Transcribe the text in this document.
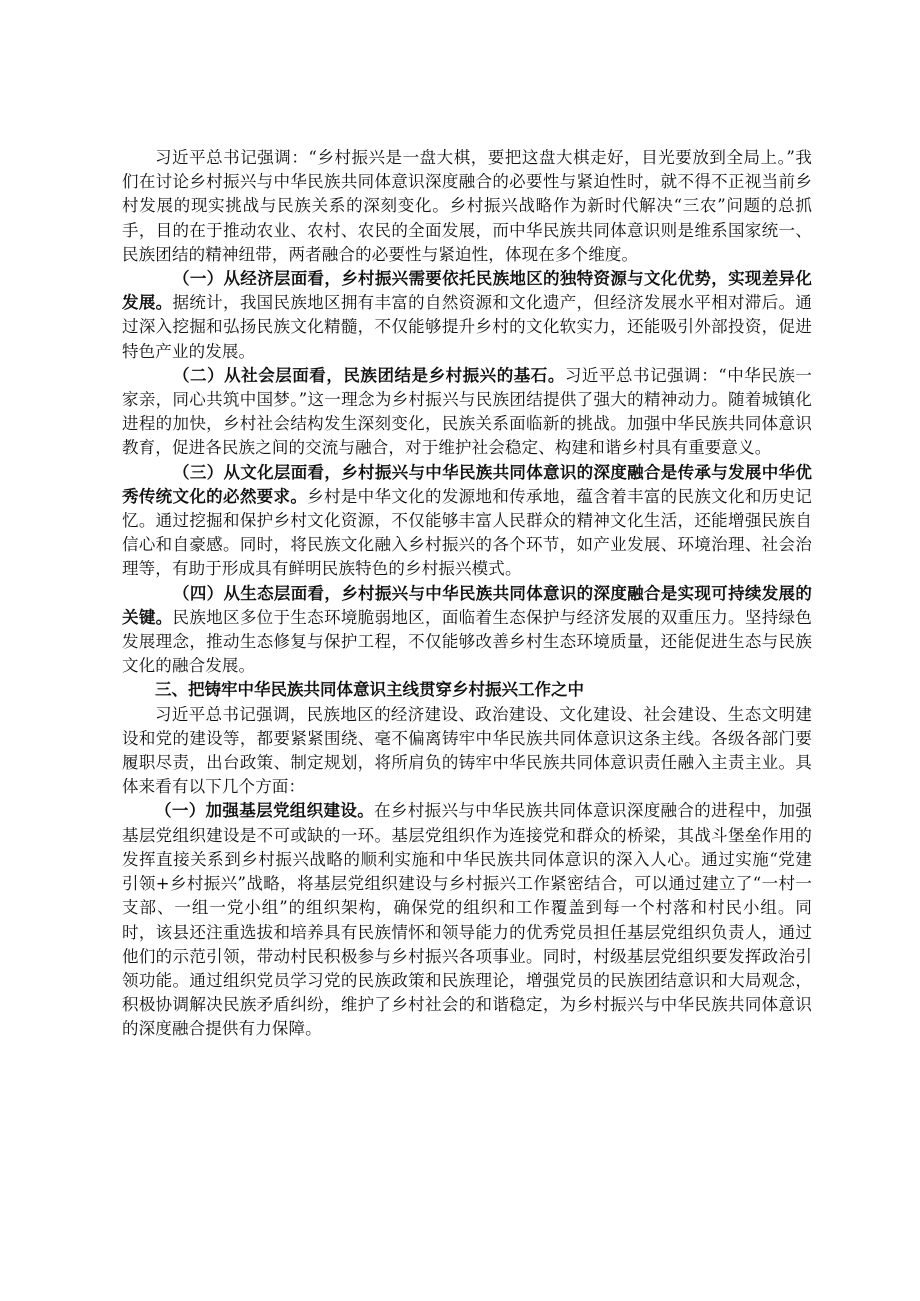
习近平总书记强调：“乡村振兴是一盘大棋，要把这盘大棋走好，目光要放到全局上。”我们在讨论乡村振兴与中华民族共同体意识深度融合的必要性与紧迫性时，就不得不正视当前乡村发展的现实挑战与民族关系的深刻变化。乡村振兴战略作为新时代解决“三农”问题的总抓手，目的在于推动农业、农村、农民的全面发展，而中华民族共同体意识则是维系国家统一、民族团结的精神纽带，两者融合的必要性与紧迫性，体现在多个维度。

（一）从经济层面看，乡村振兴需要依托民族地区的独特资源与文化优势，实现差异化发展。据统计，我国民族地区拥有丰富的自然资源和文化遗产，但经济发展水平相对滞后。通过深入挖掘和弘扬民族文化精髓，不仅能够提升乡村的文化软实力，还能吸引外部投资，促进特色产业的发展。

（二）从社会层面看，民族团结是乡村振兴的基石。习近平总书记强调：“中华民族一家亲，同心共筑中国梦。”这一理念为乡村振兴与民族团结提供了强大的精神动力。随着城镇化进程的加快，乡村社会结构发生深刻变化，民族关系面临新的挑战。加强中华民族共同体意识教育，促进各民族之间的交流与融合，对于维护社会稳定、构建和谐乡村具有重要意义。

（三）从文化层面看，乡村振兴与中华民族共同体意识的深度融合是传承与发展中华优秀传统文化的必然要求。乡村是中华文化的发源地和传承地，蕴含着丰富的民族文化和历史记忆。通过挖掘和保护乡村文化资源，不仅能够丰富人民群众的精神文化生活，还能增强民族自信心和自豪感。同时，将民族文化融入乡村振兴的各个环节，如产业发展、环境治理、社会治理等，有助于形成具有鲜明民族特色的乡村振兴模式。

（四）从生态层面看，乡村振兴与中华民族共同体意识的深度融合是实现可持续发展的关键。民族地区多位于生态环境脆弱地区，面临着生态保护与经济发展的双重压力。坚持绿色发展理念，推动生态修复与保护工程，不仅能够改善乡村生态环境质量，还能促进生态与民族文化的融合发展。

三、把铸牢中华民族共同体意识主线贯穿乡村振兴工作之中

习近平总书记强调，民族地区的经济建设、政治建设、文化建设、社会建设、生态文明建设和党的建设等，都要紧紧围绕、毫不偏离铸牢中华民族共同体意识这条主线。各级各部门要履职尽责，出台政策、制定规划，将所肩负的铸牢中华民族共同体意识责任融入主责主业。具体来看有以下几个方面：

（一）加强基层党组织建设。在乡村振兴与中华民族共同体意识深度融合的进程中，加强基层党组织建设是不可或缺的一环。基层党组织作为连接党和群众的桥梁，其战斗堡垒作用的发挥直接关系到乡村振兴战略的顺利实施和中华民族共同体意识的深入人心。通过实施“党建引领+乡村振兴”战略，将基层党组织建设与乡村振兴工作紧密结合，可以通过建立了“一村一支部、一组一党小组”的组织架构，确保党的组织和工作覆盖到每一个村落和村民小组。同时，该县还注重选拔和培养具有民族情怀和领导能力的优秀党员担任基层党组织负责人，通过他们的示范引领，带动村民积极参与乡村振兴各项事业。同时，村级基层党组织要发挥政治引领功能。通过组织党员学习党的民族政策和民族理论，增强党员的民族团结意识和大局观念，积极协调解决民族矛盾纠纷，维护了乡村社会的和谐稳定，为乡村振兴与中华民族共同体意识的深度融合提供有力保障。
